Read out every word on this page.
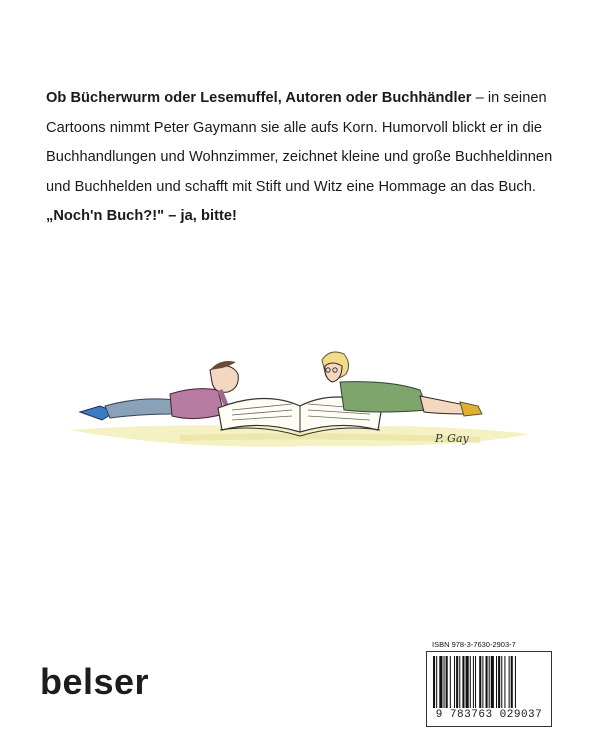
Ob Bücherwurm oder Lesemuffel, Autoren oder Buchhändler – in seinen Cartoons nimmt Peter Gaymann sie alle aufs Korn. Humorvoll blickt er in die Buchhandlungen und Wohnzimmer, zeichnet kleine und große Buchheldinnen und Buchhelden und schafft mit Stift und Witz eine Hommage an das Buch. „Noch'n Buch?!" – ja, bitte!

P. Gay
belser
ISBN 978-3-7630-2903-7
9 783763 029037
